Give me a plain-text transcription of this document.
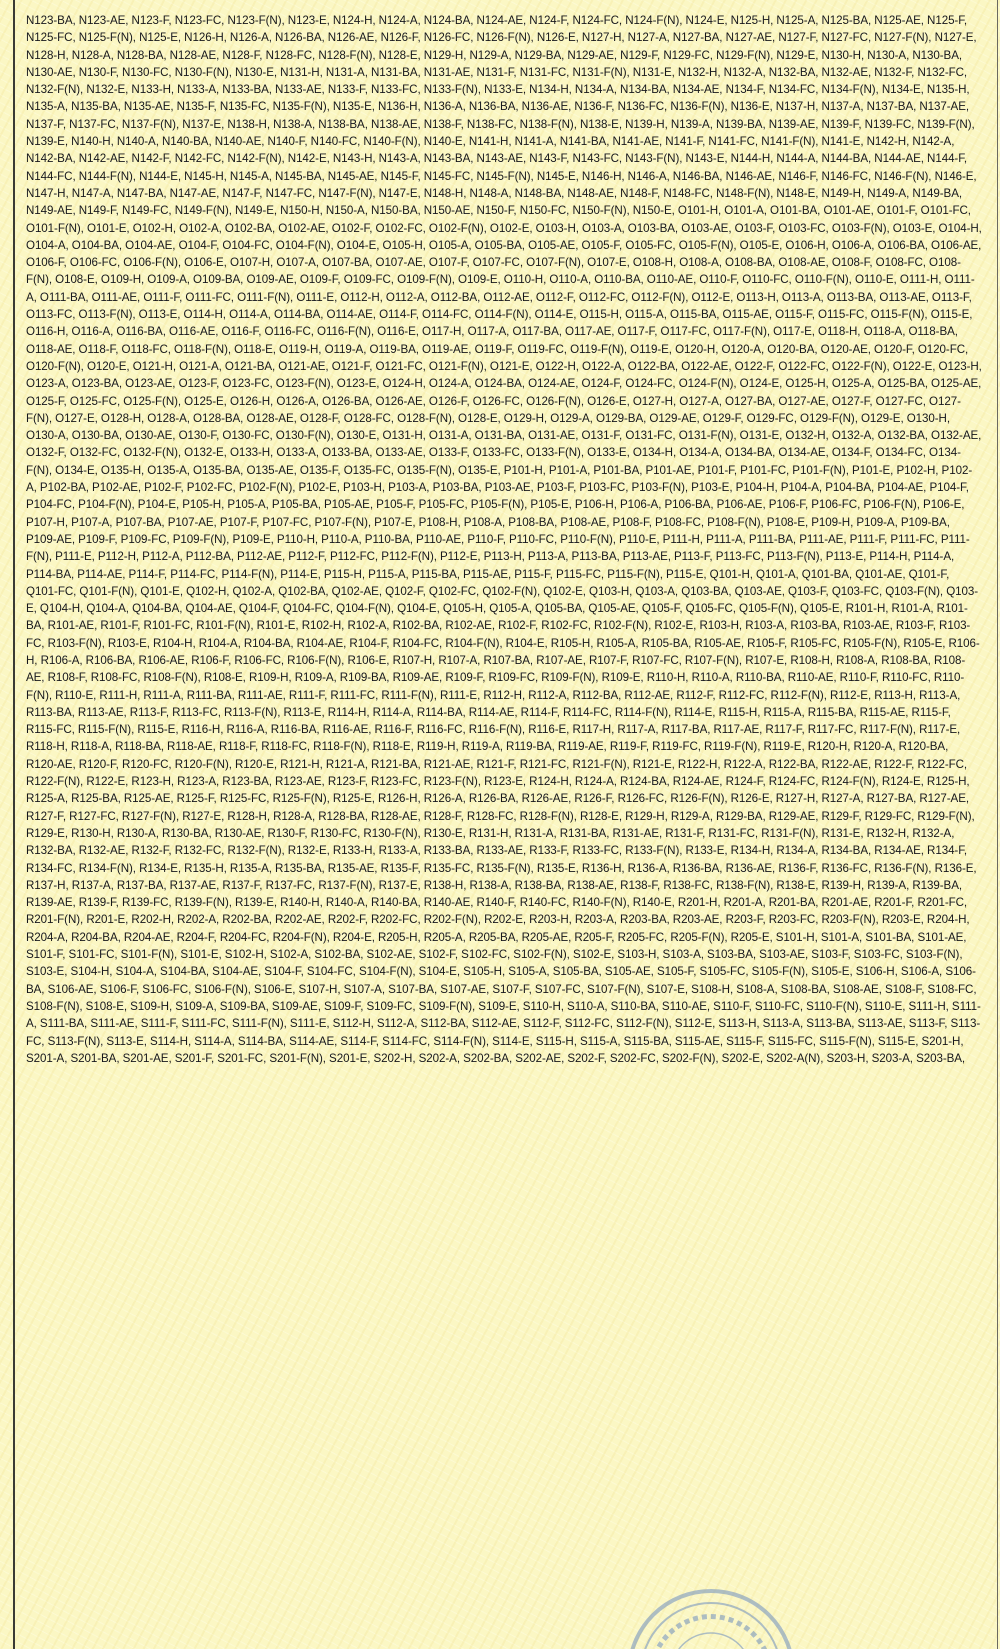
N123-BA, N123-AE, N123-F, N123-FC, N123-F(N), N123-E, N124-H, N124-A, N124-BA, N124-AE, N124-F, N124-FC, N124-F(N), N124-E, N125-H, N125-A, N125-BA, N125-AE, N125-F, N125-FC, N125-F(N), N125-E, N126-H, N126-A, N126-BA, N126-AE, N126-F, N126-FC, N126-F(N), N126-E, N127-H, N127-A, N127-BA, N127-AE, N127-F, N127-FC, N127-F(N), N127-E, N128-H, N128-A, N128-BA, N128-AE, N128-F, N128-FC, N128-F(N), N128-E, N129-H, N129-A, N129-BA, N129-AE, N129-F, N129-FC, N129-F(N), N129-E, N130-H, N130-A, N130-BA, N130-AE, N130-F, N130-FC, N130-F(N), N130-E, N131-H, N131-A, N131-BA, N131-AE, N131-F, N131-FC, N131-F(N), N131-E, N132-H, N132-A, N132-BA, N132-AE, N132-F, N132-FC, N132-F(N), N132-E, N133-H, N133-A, N133-BA, N133-AE, N133-F, N133-FC, N133-F(N), N133-E, N134-H, N134-A, N134-BA, N134-AE, N134-F, N134-FC, N134-F(N), N134-E, N135-H, N135-A, N135-BA, N135-AE, N135-F, N135-FC, N135-F(N), N135-E, N136-H, N136-A, N136-BA, N136-AE, N136-F, N136-FC, N136-F(N), N136-E, N137-H, N137-A, N137-BA, N137-AE, N137-F, N137-FC, N137-F(N), N137-E, N138-H, N138-A, N138-BA, N138-AE, N138-F, N138-FC, N138-F(N), N138-E, N139-H, N139-A, N139-BA, N139-AE, N139-F, N139-FC, N139-F(N), N139-E, N140-H, N140-A, N140-BA, N140-AE, N140-F, N140-FC, N140-F(N), N140-E, N141-H, N141-A, N141-BA, N141-AE, N141-F, N141-FC, N141-F(N), N141-E, N142-H, N142-A, N142-BA, N142-AE, N142-F, N142-FC, N142-F(N), N142-E, N143-H, N143-A, N143-BA, N143-AE, N143-F, N143-FC, N143-F(N), N143-E, N144-H, N144-A, N144-BA, N144-AE, N144-F, N144-FC, N144-F(N), N144-E, N145-H, N145-A, N145-BA, N145-AE, N145-F, N145-FC, N145-F(N), N145-E, N146-H, N146-A, N146-BA, N146-AE, N146-F, N146-FC, N146-F(N), N146-E, N147-H, N147-A, N147-BA, N147-AE, N147-F, N147-FC, N147-F(N), N147-E, N148-H, N148-A, N148-BA, N148-AE, N148-F, N148-FC, N148-F(N), N148-E, N149-H, N149-A, N149-BA, N149-AE, N149-F, N149-FC, N149-F(N), N149-E, N150-H, N150-A, N150-BA, N150-AE, N150-F, N150-FC, N150-F(N), N150-E, O101-H, O101-A, O101-BA, O101-AE, O101-F, O101-FC, O101-F(N), O101-E, O102-H, O102-A, O102-BA, O102-AE, O102-F, O102-FC, O102-F(N), O102-E, O103-H, O103-A, O103-BA, O103-AE, O103-F, O103-FC, O103-F(N), O103-E, O104-H, O104-A, O104-BA, O104-AE, O104-F, O104-FC, O104-F(N), O104-E, O105-H, O105-A, O105-BA, O105-AE, O105-F, O105-FC, O105-F(N), O105-E, O106-H, O106-A, O106-BA, O106-AE, O106-F, O106-FC, O106-F(N), O106-E, O107-H, O107-A, O107-BA, O107-AE, O107-F, O107-FC, O107-F(N), O107-E, O108-H, O108-A, O108-BA, O108-AE, O108-F, O108-FC, O108-F(N), O108-E, O109-H, O109-A, O109-BA, O109-AE, O109-F, O109-FC, O109-F(N), O109-E, O110-H, O110-A, O110-BA, O110-AE, O110-F, O110-FC, O110-F(N), O110-E, O111-H, O111-A, O111-BA, O111-AE, O111-F, O111-FC, O111-F(N), O111-E, O112-H, O112-A, O112-BA, O112-AE, O112-F, O112-FC, O112-F(N), O112-E, O113-H, O113-A, O113-BA, O113-AE, O113-F, O113-FC, O113-F(N), O113-E, O114-H, O114-A, O114-BA, O114-AE, O114-F, O114-FC, O114-F(N), O114-E, O115-H, O115-A, O115-BA, O115-AE, O115-F, O115-FC, O115-F(N), O115-E, O116-H, O116-A, O116-BA, O116-AE, O116-F, O116-FC, O116-F(N), O116-E, O117-H, O117-A, O117-BA, O117-AE, O117-F, O117-FC, O117-F(N), O117-E, O118-H, O118-A, O118-BA, O118-AE, O118-F, O118-FC, O118-F(N), O118-E, O119-H, O119-A, O119-BA, O119-AE, O119-F, O119-FC, O119-F(N), O119-E, O120-H, O120-A, O120-BA, O120-AE, O120-F, O120-FC, O120-F(N), O120-E, O121-H, O121-A, O121-BA, O121-AE, O121-F, O121-FC, O121-F(N), O121-E, O122-H, O122-A, O122-BA, O122-AE, O122-F, O122-FC, O122-F(N), O122-E, O123-H, O123-A, O123-BA, O123-AE, O123-F, O123-FC, O123-F(N), O123-E, O124-H, O124-A, O124-BA, O124-AE, O124-F, O124-FC, O124-F(N), O124-E, O125-H, O125-A, O125-BA, O125-AE, O125-F, O125-FC, O125-F(N), O125-E, O126-H, O126-A, O126-BA, O126-AE, O126-F, O126-FC, O126-F(N), O126-E, O127-H, O127-A, O127-BA, O127-AE, O127-F, O127-FC, O127-F(N), O127-E, O128-H, O128-A, O128-BA, O128-AE, O128-F, O128-FC, O128-F(N), O128-E, O129-H, O129-A, O129-BA, O129-AE, O129-F, O129-FC, O129-F(N), O129-E, O130-H, O130-A, O130-BA, O130-AE, O130-F, O130-FC, O130-F(N), O130-E, O131-H, O131-A, O131-BA, O131-AE, O131-F, O131-FC, O131-F(N), O131-E, O132-H, O132-A, O132-BA, O132-AE, O132-F, O132-FC, O132-F(N), O132-E, O133-H, O133-A, O133-BA, O133-AE, O133-F, O133-FC, O133-F(N), O133-E, O134-H, O134-A, O134-BA, O134-AE, O134-F, O134-FC, O134-F(N), O134-E, O135-H, O135-A, O135-BA, O135-AE, O135-F, O135-FC, O135-F(N), O135-E, P101-H, P101-A, P101-BA, P101-AE, P101-F, P101-FC, P101-F(N), P101-E, P102-H, P102-A, P102-BA, P102-AE, P102-F, P102-FC, P102-F(N), P102-E, P103-H, P103-A, P103-BA, P103-AE, P103-F, P103-FC, P103-F(N), P103-E, P104-H, P104-A, P104-BA, P104-AE, P104-F, P104-FC, P104-F(N), P104-E, P105-H, P105-A, P105-BA, P105-AE, P105-F, P105-FC, P105-F(N), P105-E, P106-H, P106-A, P106-BA, P106-AE, P106-F, P106-FC, P106-F(N), P106-E, P107-H, P107-A, P107-BA, P107-AE, P107-F, P107-FC, P107-F(N), P107-E, P108-H, P108-A, P108-BA, P108-AE, P108-F, P108-FC, P108-F(N), P108-E, P109-H, P109-A, P109-BA, P109-AE, P109-F, P109-FC, P109-F(N), P109-E, P110-H, P110-A, P110-BA, P110-AE, P110-F, P110-FC, P110-F(N), P110-E, P111-H, P111-A, P111-BA, P111-AE, P111-F, P111-FC, P111-F(N), P111-E, P112-H, P112-A, P112-BA, P112-AE, P112-F, P112-FC, P112-F(N), P112-E, P113-H, P113-A, P113-BA, P113-AE, P113-F, P113-FC, P113-F(N), P113-E, P114-H, P114-A, P114-BA, P114-AE, P114-F, P114-FC, P114-F(N), P114-E, P115-H, P115-A, P115-BA, P115-AE, P115-F, P115-FC, P115-F(N), P115-E, Q101-H, Q101-A, Q101-BA, Q101-AE, Q101-F, Q101-FC, Q101-F(N), Q101-E, Q102-H, Q102-A, Q102-BA, Q102-AE, Q102-F, Q102-FC, Q102-F(N), Q102-E, Q103-H, Q103-A, Q103-BA, Q103-AE, Q103-F, Q103-FC, Q103-F(N), Q103-E, Q104-H, Q104-A, Q104-BA, Q104-AE, Q104-F, Q104-FC, Q104-F(N), Q104-E, Q105-H, Q105-A, Q105-BA, Q105-AE, Q105-F, Q105-FC, Q105-F(N), Q105-E, R101-H, R101-A, R101-BA, R101-AE, R101-F, R101-FC, R101-F(N), R101-E, R102-H, R102-A, R102-BA, R102-AE, R102-F, R102-FC, R102-F(N), R102-E, R103-H, R103-A, R103-BA, R103-AE, R103-F, R103-FC, R103-F(N), R103-E, R104-H, R104-A, R104-BA, R104-AE, R104-F, R104-FC, R104-F(N), R104-E, R105-H, R105-A, R105-BA, R105-AE, R105-F, R105-FC, R105-F(N), R105-E, R106-H, R106-A, R106-BA, R106-AE, R106-F, R106-FC, R106-F(N), R106-E, R107-H, R107-A, R107-BA, R107-AE, R107-F, R107-FC, R107-F(N), R107-E, R108-H, R108-A, R108-BA, R108-AE, R108-F, R108-FC, R108-F(N), R108-E, R109-H, R109-A, R109-BA, R109-AE, R109-F, R109-FC, R109-F(N), R109-E, R110-H, R110-A, R110-BA, R110-AE, R110-F, R110-FC, R110-F(N), R110-E, R111-H, R111-A, R111-BA, R111-AE, R111-F, R111-FC, R111-F(N), R111-E, R112-H, R112-A, R112-BA, R112-AE, R112-F, R112-FC, R112-F(N), R112-E, R113-H, R113-A, R113-BA, R113-AE, R113-F, R113-FC, R113-F(N), R113-E, R114-H, R114-A, R114-BA, R114-AE, R114-F, R114-FC, R114-F(N), R114-E, R115-H, R115-A, R115-BA, R115-AE, R115-F, R115-FC, R115-F(N), R115-E, R116-H, R116-A, R116-BA, R116-AE, R116-F, R116-FC, R116-F(N), R116-E, R117-H, R117-A, R117-BA, R117-AE, R117-F, R117-FC, R117-F(N), R117-E, R118-H, R118-A, R118-BA, R118-AE, R118-F, R118-FC, R118-F(N), R118-E, R119-H, R119-A, R119-BA, R119-AE, R119-F, R119-FC, R119-F(N), R119-E, R120-H, R120-A, R120-BA, R120-AE, R120-F, R120-FC, R120-F(N), R120-E, R121-H, R121-A, R121-BA, R121-AE, R121-F, R121-FC, R121-F(N), R121-E, R122-H, R122-A, R122-BA, R122-AE, R122-F, R122-FC, R122-F(N), R122-E, R123-H, R123-A, R123-BA, R123-AE, R123-F, R123-FC, R123-F(N), R123-E, R124-H, R124-A, R124-BA, R124-AE, R124-F, R124-FC, R124-F(N), R124-E, R125-H, R125-A, R125-BA, R125-AE, R125-F, R125-FC, R125-F(N), R125-E, R126-H, R126-A, R126-BA, R126-AE, R126-F, R126-FC, R126-F(N), R126-E, R127-H, R127-A, R127-BA, R127-AE, R127-F, R127-FC, R127-F(N), R127-E, R128-H, R128-A, R128-BA, R128-AE, R128-F, R128-FC, R128-F(N), R128-E, R129-H, R129-A, R129-BA, R129-AE, R129-F, R129-FC, R129-F(N), R129-E, R130-H, R130-A, R130-BA, R130-AE, R130-F, R130-FC, R130-F(N), R130-E, R131-H, R131-A, R131-BA, R131-AE, R131-F, R131-FC, R131-F(N), R131-E, R132-H, R132-A, R132-BA, R132-AE, R132-F, R132-FC, R132-F(N), R132-E, R133-H, R133-A, R133-BA, R133-AE, R133-F, R133-FC, R133-F(N), R133-E, R134-H, R134-A, R134-BA, R134-AE, R134-F, R134-FC, R134-F(N), R134-E, R135-H, R135-A, R135-BA, R135-AE, R135-F, R135-FC, R135-F(N), R135-E, R136-H, R136-A, R136-BA, R136-AE, R136-F, R136-FC, R136-F(N), R136-E, R137-H, R137-A, R137-BA, R137-AE, R137-F, R137-FC, R137-F(N), R137-E, R138-H, R138-A, R138-BA, R138-AE, R138-F, R138-FC, R138-F(N), R138-E, R139-H, R139-A, R139-BA, R139-AE, R139-F, R139-FC, R139-F(N), R139-E, R140-H, R140-A, R140-BA, R140-AE, R140-F, R140-FC, R140-F(N), R140-E, R201-H, R201-A, R201-BA, R201-AE, R201-F, R201-FC, R201-F(N), R201-E, R202-H, R202-A, R202-BA, R202-AE, R202-F, R202-FC, R202-F(N), R202-E, R203-H, R203-A, R203-BA, R203-AE, R203-F, R203-FC, R203-F(N), R203-E, R204-H, R204-A, R204-BA, R204-AE, R204-F, R204-FC, R204-F(N), R204-E, R205-H, R205-A, R205-BA, R205-AE, R205-F, R205-FC, R205-F(N), R205-E, S101-H, S101-A, S101-BA, S101-AE, S101-F, S101-FC, S101-F(N), S101-E, S102-H, S102-A, S102-BA, S102-AE, S102-F, S102-FC, S102-F(N), S102-E, S103-H, S103-A, S103-BA, S103-AE, S103-F, S103-FC, S103-F(N), S103-E, S104-H, S104-A, S104-BA, S104-AE, S104-F, S104-FC, S104-F(N), S104-E, S105-H, S105-A, S105-BA, S105-AE, S105-F, S105-FC, S105-F(N), S105-E, S106-H, S106-A, S106-BA, S106-AE, S106-F, S106-FC, S106-F(N), S106-E, S107-H, S107-A, S107-BA, S107-AE, S107-F, S107-FC, S107-F(N), S107-E, S108-H, S108-A, S108-BA, S108-AE, S108-F, S108-FC, S108-F(N), S108-E, S109-H, S109-A, S109-BA, S109-AE, S109-F, S109-FC, S109-F(N), S109-E, S110-H, S110-A, S110-BA, S110-AE, S110-F, S110-FC, S110-F(N), S110-E, S111-H, S111-A, S111-BA, S111-AE, S111-F, S111-FC, S111-F(N), S111-E, S112-H, S112-A, S112-BA, S112-AE, S112-F, S112-FC, S112-F(N), S112-E, S113-H, S113-A, S113-BA, S113-AE, S113-F, S113-FC, S113-F(N), S113-E, S114-H, S114-A, S114-BA, S114-AE, S114-F, S114-FC, S114-F(N), S114-E, S115-H, S115-A, S115-BA, S115-AE, S115-F, S115-FC, S115-F(N), S115-E, S201-H, S201-A, S201-BA, S201-AE, S201-F, S201-FC, S201-F(N), S201-E, S202-H, S202-A, S202-BA, S202-AE, S202-F, S202-FC, S202-F(N), S202-E, S202-A(N), S203-H, S203-A, S203-BA,
